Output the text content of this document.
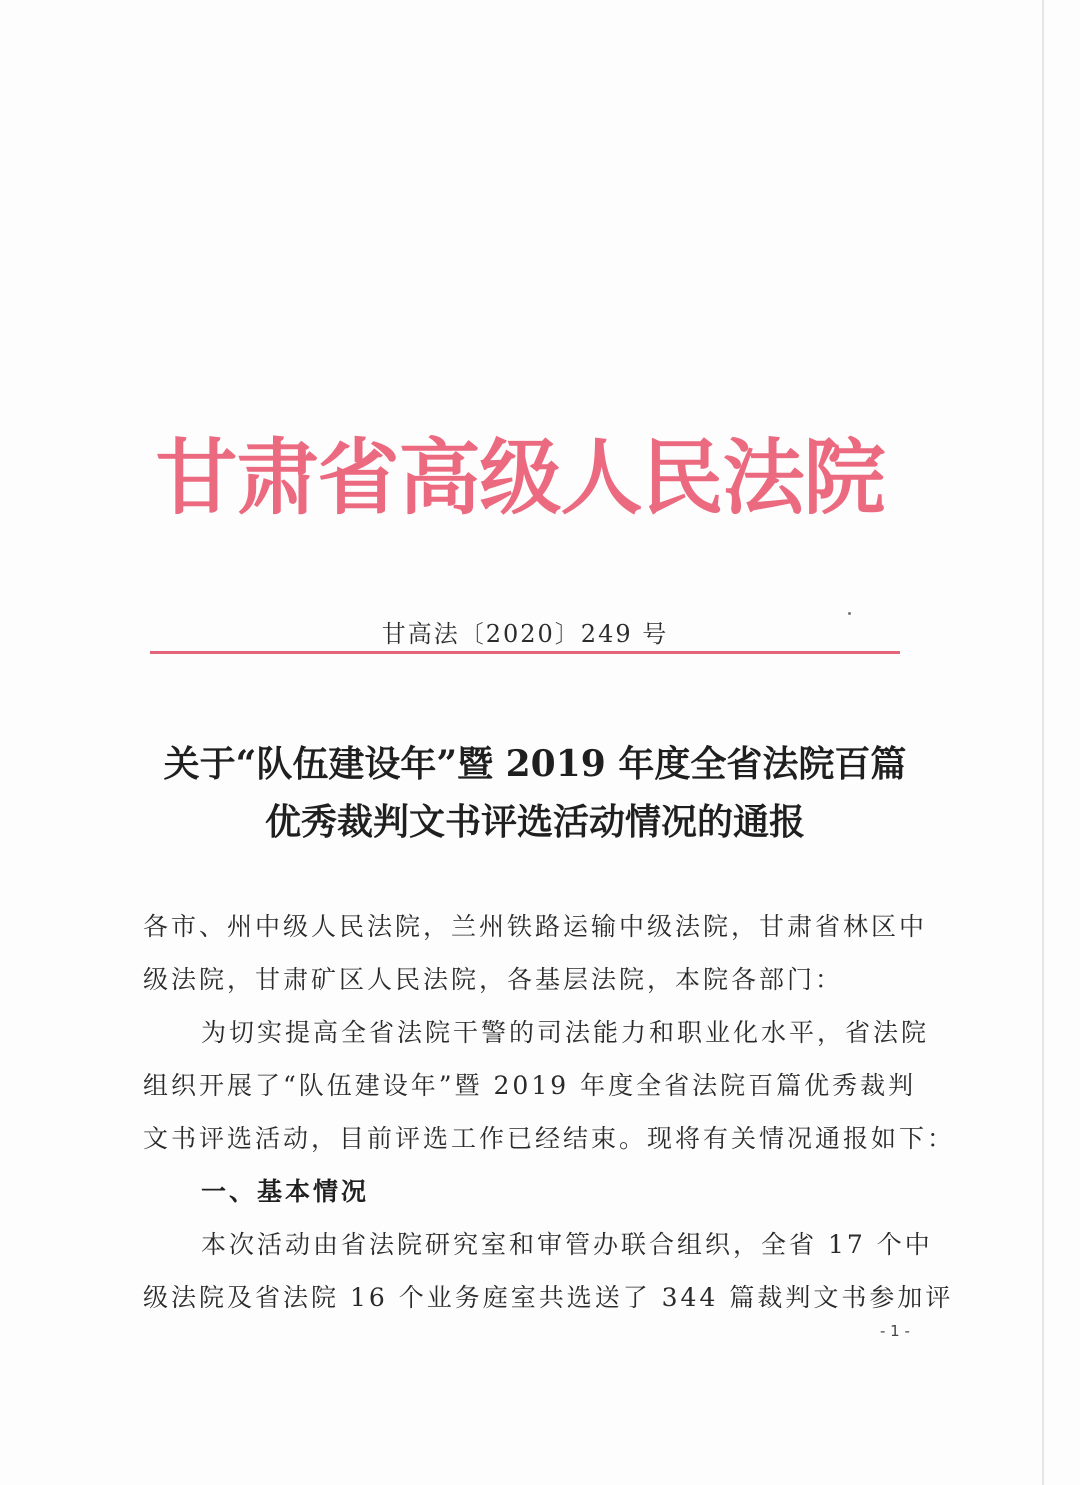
甘肃省高级人民法院
甘高法〔2020〕249 号
关于“队伍建设年”暨 2019 年度全省法院百篇
优秀裁判文书评选活动情况的通报
各市、州中级人民法院，兰州铁路运输中级法院，甘肃省林区中
级法院，甘肃矿区人民法院，各基层法院，本院各部门：
为切实提高全省法院干警的司法能力和职业化水平，省法院
组织开展了“队伍建设年”暨 2019 年度全省法院百篇优秀裁判
文书评选活动，目前评选工作已经结束。现将有关情况通报如下：
一、基本情况
本次活动由省法院研究室和审管办联合组织，全省 17 个中
级法院及省法院 16 个业务庭室共选送了 344 篇裁判文书参加评
- 1 -
